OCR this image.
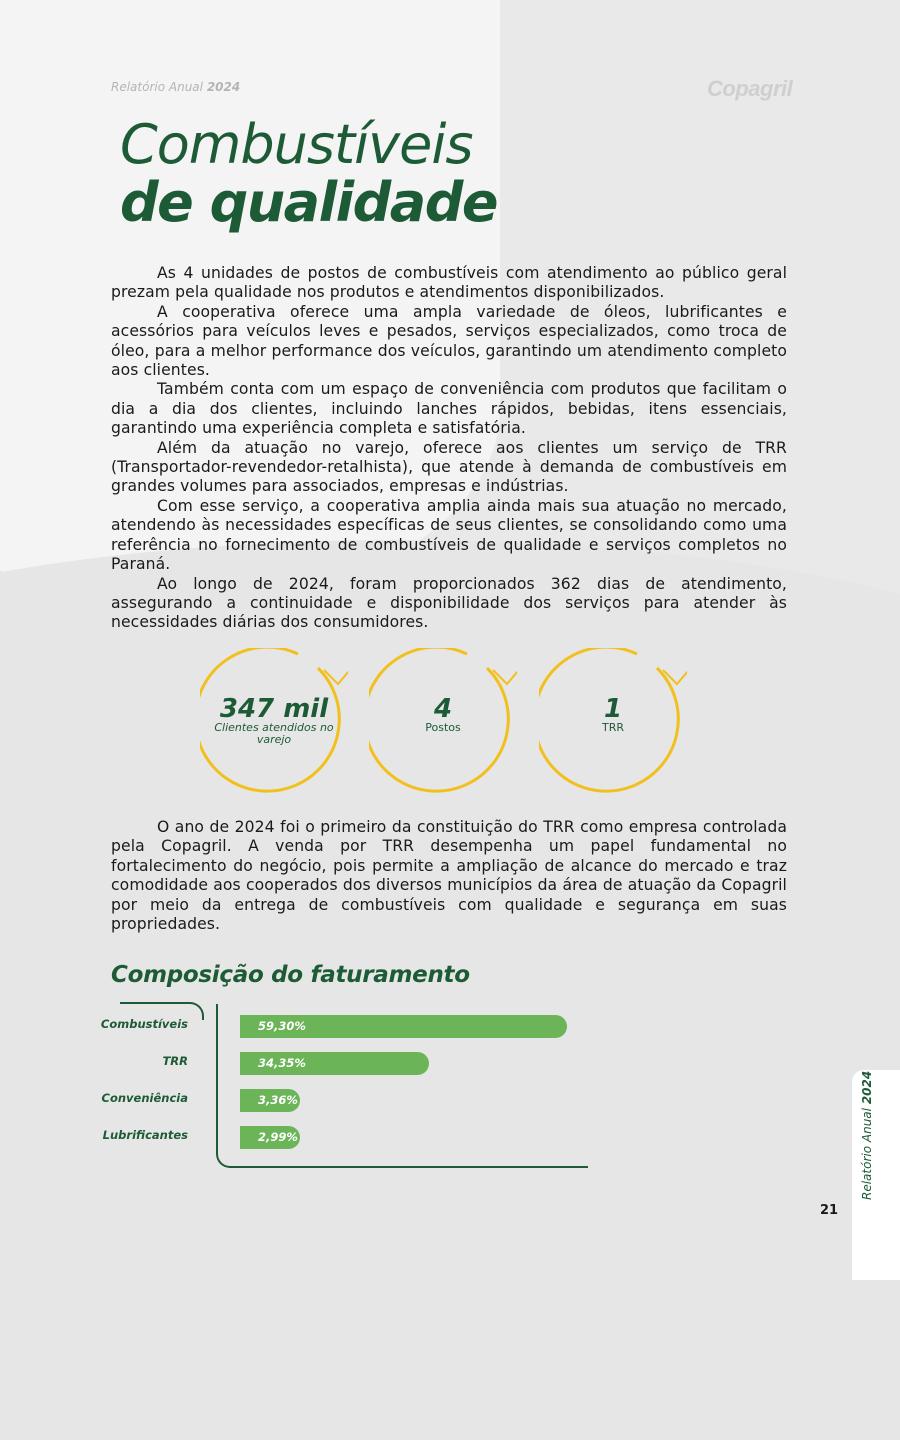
Relatório Anual 2024	Copagril
Combustíveis
de qualidade

As 4 unidades de postos de combustíveis com atendimento ao público geral prezam pela qualidade nos produtos e atendimentos disponibilizados.

A cooperativa oferece uma ampla variedade de óleos, lubrificantes e acessórios para veículos leves e pesados, serviços especializados, como troca de óleo, para a melhor performance dos veículos, garantindo um atendimento completo aos clientes.

Também conta com um espaço de conveniência com produtos que facilitam o dia a dia dos clientes, incluindo lanches rápidos, bebidas, itens essenciais, garantindo uma experiência completa e satisfatória.

Além da atuação no varejo, oferece aos clientes um serviço de TRR (Transportador-revendedor-retalhista), que atende à demanda de combustíveis em grandes volumes para associados, empresas e indústrias.

Com esse serviço, a cooperativa amplia ainda mais sua atuação no mercado, atendendo às necessidades específicas de seus clientes, se consolidando como uma referência no fornecimento de combustíveis de qualidade e serviços completos no Paraná.

Ao longo de 2024, foram proporcionados 362 dias de atendimento, assegurando a continuidade e disponibilidade dos serviços para atender às necessidades diárias dos consumidores.

347 mil
Clientes atendidos no varejo
4
Postos
1
TRR

O ano de 2024 foi o primeiro da constituição do TRR como empresa controlada pela Copagril. A venda por TRR desempenha um papel fundamental no fortalecimento do negócio, pois permite a ampliação de alcance do mercado e traz comodidade aos cooperados dos diversos municípios da área de atuação da Copagril por meio da entrega de combustíveis com qualidade e segurança em suas propriedades.

Composição do faturamento
Combustíveis	59,30%
TRR	34,35%
Conveniência	3,36%
Lubrificantes	2,99%	Relatório Anual 2024
21
